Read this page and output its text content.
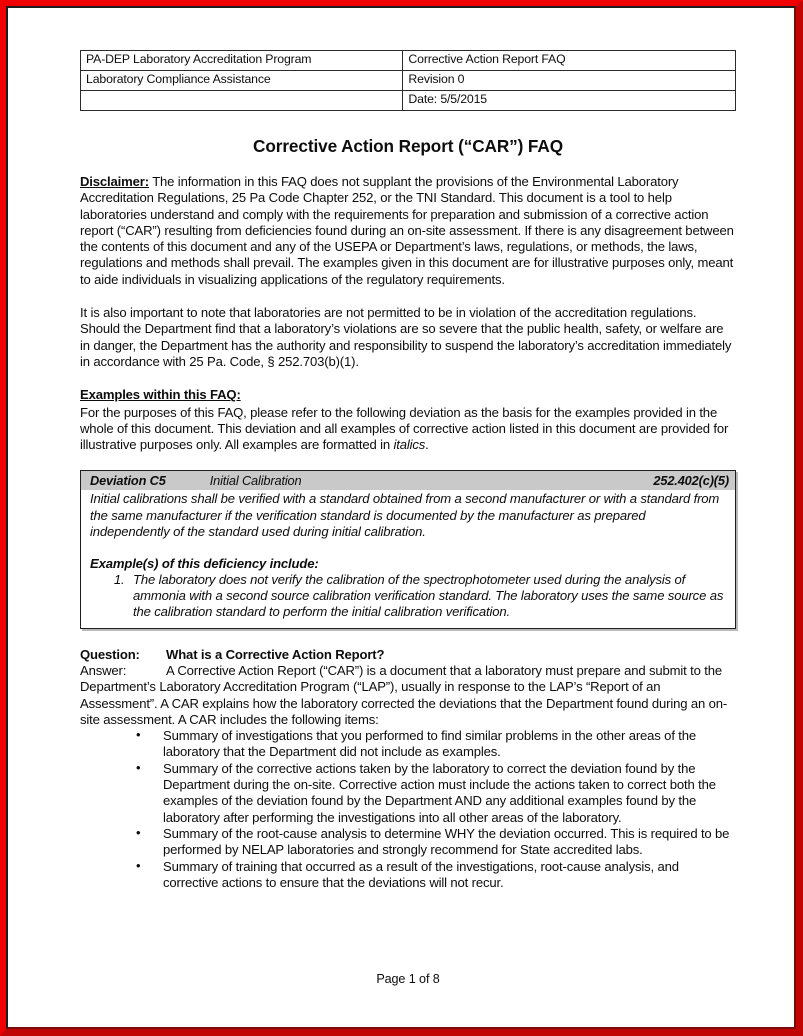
PA-DEP Laboratory Accreditation Program	Corrective Action Report FAQ
Laboratory Compliance Assistance	Revision 0
	Date: 5/5/2015
Corrective Action Report (“CAR”) FAQ

Disclaimer: The information in this FAQ does not supplant the provisions of the Environmental Laboratory Accreditation Regulations, 25 Pa Code Chapter 252, or the TNI Standard. This document is a tool to help laboratories understand and comply with the requirements for preparation and submission of a corrective action report (“CAR”) resulting from deficiencies found during an on-site assessment. If there is any disagreement between the contents of this document and any of the USEPA or Department’s laws, regulations, or methods, the laws, regulations and methods shall prevail. The examples given in this document are for illustrative purposes only, meant to aide individuals in visualizing applications of the regulatory requirements.

It is also important to note that laboratories are not permitted to be in violation of the accreditation regulations. Should the Department find that a laboratory’s violations are so severe that the public health, safety, or welfare are in danger, the Department has the authority and responsibility to suspend the laboratory’s accreditation immediately in accordance with 25 Pa. Code, § 252.703(b)(1).

Examples within this FAQ:

For the purposes of this FAQ, please refer to the following deviation as the basis for the examples provided in the whole of this document. This deviation and all examples of corrective action listed in this document are provided for illustrative purposes only. All examples are formatted in italics.

Deviation C5	Initial Calibration	252.402(c)(5)
Initial calibrations shall be verified with a standard obtained from a second manufacturer or with a standard from the same manufacturer if the verification standard is documented by the manufacturer as prepared independently of the standard used during initial calibration.
Example(s) of this deficiency include:
1. The laboratory does not verify the calibration of the spectrophotometer used during the analysis of ammonia with a second source calibration verification standard. The laboratory uses the same source as the calibration standard to perform the initial calibration verification.
Question: What is a Corrective Action Report?
Answer:	A Corrective Action Report (“CAR”) is a document that a laboratory must prepare and submit to the Department’s Laboratory Accreditation Program (“LAP”), usually in response to the LAP’s “Report of an Assessment”. A CAR explains how the laboratory corrected the deviations that the Department found during an on-site assessment. A CAR includes the following items:
• Summary of investigations that you performed to find similar problems in the other areas of the laboratory that the Department did not include as examples.
• Summary of the corrective actions taken by the laboratory to correct the deviation found by the Department during the on-site. Corrective action must include the actions taken to correct both the examples of the deviation found by the Department AND any additional examples found by the laboratory after performing the investigations into all other areas of the laboratory.
• Summary of the root-cause analysis to determine WHY the deviation occurred. This is required to be performed by NELAP laboratories and strongly recommend for State accredited labs.
• Summary of training that occurred as a result of the investigations, root-cause analysis, and corrective actions to ensure that the deviations will not recur.
Page 1 of 8
